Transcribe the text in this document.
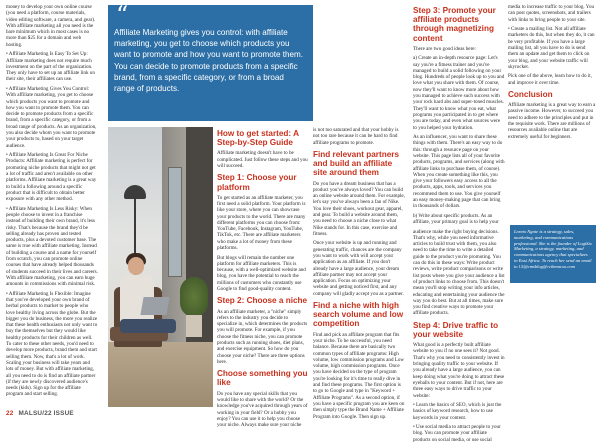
“
Affiliate Marketing gives you control: with affiliate marketing, you get to choose which products you want to promote and how you want to promote them. You can decide to promote products from a specific brand, from a specific category, or from a broad range of products.

money to develop your own online course (you need a platform, course materials, video editing software, a camera, and gear). With affiliate marketing all you need is the bare minimum which in most cases is no more than $25 for a domain and web hosting.

• Affiliate Marketing Is Easy To Set Up: Affiliate marketing does not require much investment on the part of the organization. They only have to set up an affiliate link on their site, their affiliates can use.

• Affiliate Marketing Gives You Control: With affiliate marketing, you get to choose which products you want to promote and how you want to promote them. You can decide to promote products from a specific brand, from a specific category, or from a broad range of products. As an organization, you also decide whom you want to promote your products to, based on your target audience.

• Affiliate Marketing Is Great For Niche Products: Affiliate marketing is perfect for promoting niche products that might not get a lot of traffic and aren't available on other platforms. Affiliate marketing is a great way to build a following around a specific product that is difficult to obtain better exposure with any other method.

• Affiliate Marketing Is Less Risky: When people choose to invest in a franchise instead of building their own brand, it's less risky. That's because the brand they'd be selling already has proven and tested products, plus a devoted customer base. The same is true with affiliate marketing. Instead of building a course and a name for yourself from scratch, you can promote online courses that have already helped thousands of students succeed in their lives and careers. With affiliate marketing, you can earn huge amounts in commissions with minimal risk.

• Affiliate Marketing Is Flexible: Imagine that you've developed your own brand of herbal products to market to people who love healthy living across the globe. But the bigger you do business, the more you realize that these health enthusiasts not only want to buy the themselves but they would like healthy products for their children as well. To cater to these other needs, you'd need to develop more products, brand them and start selling them. Now, that's a lot of work. Scaling your business will take years and lots of money. But with affiliate marketing, all you need to do is find an affiliate partner (if they are newly discovered audience's needs (kids). Sign up for the affiliate program and start selling.

How to get started: A Step-by-Step Guide

Affiliate marketing doesn't have to be complicated. Just follow these steps and you will succeed.

Step 1: Choose your platform

To get started as an affiliate marketer, you first need a solid platform. Your platform is like your store, where you can showcase your products to the world. There are many different platforms you can choose from: YouTube, Facebook, Instagram, YouTube, TikTok, etc. There are affiliate marketers who make a lot of money from these platforms.

But blogs will remain the number one platform for affiliate marketers. This is because, with a well-optimized website and blog, you have the potential to reach the millions of customers who constantly use Google to find good-quality content.

Step 2: Choose a niche

As an affiliate marketer, a "niche" simply refers to the industry you decide to specialize in, which determines the products you will promote. For example, if you choose the fitness niche, you can promote products such as running shoes, diet plans, and exercise equipment. So how do you choose your niche? There are three options here.

Choose something you like

Do you have any special skills that you would like to share with the world? Or the knowledge you've acquired through years of working in your field? Or a hobby you enjoy? You can use it to help you choose your niche. Always make sure your niche

is not too saturated and that your hobby is not too rare because it can be hard to find affiliate programs to promote.

Find relevant partners and build an affiliate site around them

Do you have a dream business that has a product you've always loved? You can build an online website around them. For example, let's say you've always been a fan of Nike. You love their shoes, workout gear, apparel, and gear. To build a website around them, you need to choose a niche close to what Nike stands for. In this case, exercise and fitness.

Once your website is up and running and generating traffic, chances are the company you want to work with will accept your application as an affiliate. If you don't already have a large audience, your dream affiliate partner may not accept your application. Focus on optimizing your website and getting noticed first, and any company will gladly accept you as a partner.

Find a niche with high search volume and low competition

Find and pick an affiliate program that fits your niche. To be successful, you need balance. Because there are basically two common types of affiliate programs: High volume, low commission programs and Low volume, high commission programs. Once you have decided on the type of program you're looking for it's time to really dive in and find these programs. The first option is to go to Google and type in "Keyword + Affiliate Programs". As a second option, if you have a specific program you are keen on then simply type the Brand Name + Affiliate Program into Google. Then sign up.

Step 3: Promote your affiliate products through magnetizing content

There are two good ideas here:

a) Create an in-depth resource page: Let's say you're a fitness trainer and you've managed to build a solid following on your blog. Hundreds of people look up to you and love what you share with them. Of course, now they'll want to know more about how you managed to achieve such success with your rock hard abs and super-toned muscles. They'll want to know what you eat, what programs you participated in to get where you are today, and even what sources were to you helped your hydration.

As an influencer, you want to share these things with them. There's an easy way to do this: through a resource page on your website. This page lists all of your favorite products, programs, and services (along with affiliate links to purchase them, of course). When you create something like this, you give your followers easy access to all the products, apps, tools, and services you recommend them to use. You give yourself an easy money-making page that can bring in thousands of dollars.

b) Write about specific products. As an affiliate, your primary goal is to help your

audience make the right buying decisions. That's why, while you need informative articles to build trust with them, you also need to take the time to write a detailed guide to the product you're promoting. You can do this in these ways: Write product reviews, write product comparisons or write list posts where you give your audience a list of product links to choose from. This doesn't mean you'll stop writing your info articles, educating and entertaining your audience the way you do best. But at all times, make sure you find creative ways to promote your affiliate products.

Step 4: Drive traffic to your website

What good is a perfectly built affiliate website to you if no one sees it? Not good. That's why you need to consistently invest in bringing quality traffic to your website. If you already have a large audience, you can keep doing what you're doing to attract these eyeballs to your content. But if not, here are three easy ways to drive traffic to your website:

• Learn the basics of SEO, which is just the basics of keyword research, how to use keywords in your content.

• Use social media to attract people to your blog. You can promote your affiliate products on social media, or use social

media to increase traffic to your blog. You can post quotes, screenshots, and trailers with links to bring people to your site.

• Create a mailing list. Not all affiliate marketers do this, but when they do, it can be very profitable. If you have a large mailing list, all you have to do is send them an update and get them to click on your blog, and your website traffic will skyrocket.

Pick one of the above, learn how to do it, and improve it over time.

Conclusion

Affiliate marketing is a great way to earn a passive income. However, to succeed you need to adhere to the principles and put in the requisite work. There are millions of resources available online that are extremely useful for beginners.

Loreto Ngoie is a strategy, sales, marketing, and communications professional. She is the founder of LogiSix Marketing, a strategy, marketing, and communications agency that specializes in East Africa. To reach her send an email to l.5@cmsblog@rcihmncso.com
22 MALSU/22 ISSUE
